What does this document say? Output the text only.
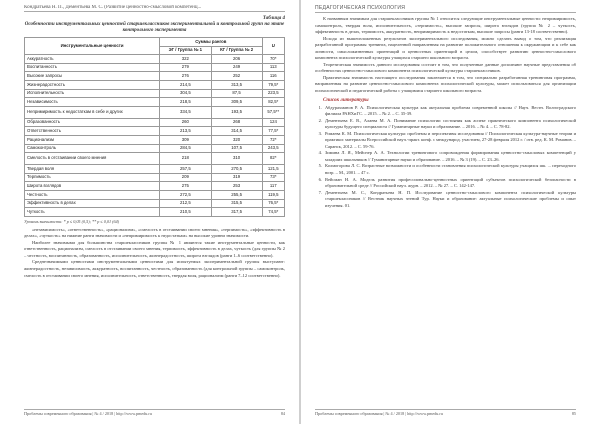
Кондратьева Н. П., Дементьева М. С. (Развитие ценностно-смысловой компетенц...
Таблица 4
Особенности инструментальных ценностей старшеклассников экспериментальной и контрольной групп на этапе контрольного эксперимента
Инструментальные ценности	Суммы рангов		U
	ЭГ / Группа № 1	КГ / Группа № 2	
Аккуратность	322	206	70*
Воспитанность	279	249	113
Высокие запросы	276	252	116
Жизнерадостность	214,5	313,5	79,5*
Исполнительность	304,5	87,5	223,5
Независимость	218,5	309,5	82,5*
Непримиримость к недостаткам в себе и других	334,5	193,5	57,5**
Образованность	260	268	124
Ответственность	213,5	314,5	77,5*
Рационализм	309	320	72*
Самоконтроль	284,5	107,5	243,5
Смелость в отстаивании своего мнения	218	310	82*
Твердая воля	257,5	270,5	121,5
Терпимость	209	319	73*
Широта взглядов	275	253	117
Честность	272,5	255,5	119,5
Эффективность в делах	212,5	315,5	76,5*
Чуткость	210,5	317,5	74,5*
Уровень значимости: * p ≤ 0,05 (0,5); ** p ≤ 0,01 (64)

«независимость», «ответственность», «рационализм», «смелость в отстаивании своего мнения», «терпимость», «эффективность в делах», «чуткость» на нижние ранги значимости и «непримиримость к недостаткам» на высокие уровни значимости.

Наиболее значимыми для большинства старшеклассников группы № 1 являются такие инструментальные ценности, как ответственность, рационализм, смелость в отстаивании своего мнения, терпимость, эффективность в делах, чуткость (для группы № 2 – честность, воспитанность, образованность, исполнительность, жизнерадостность, широта взглядов (ранги 1–6 соответственно).

Среднезначимыми ценностями инструментальными ценностями для испытуемых экспериментальной группы выступают: жизнерадостность, независимость, аккуратность, воспитанность, честность, образованность (для контрольной группы – самоконтроль, смелость в отстаивании своего мнения, исполнительность, ответственность, твердая воля, рационализм (ранги 7–12 соответственно).

Проблемы современного образования | № 4 / 2018 | http://www.pmedu.ru	84
ПЕДАГОГИЧЕСКАЯ ПСИХОЛОГИЯ

К названным значимым для старшеклассников группы № 1 относится следующие инструментальные ценности: непримиримость, самоконтроль, твердая воля, исполнительность, «терпимость», высокие запросы, широта взглядов (группа № 2 – чуткость, эффективность в делах, терпимость, аккуратность, непримиримость к недостаткам, высокие запросы (ранги 13-18 соответственно).

Исходя из вышеизложенных результатов экспериментального исследования, можно сделать вывод о том, что реализация разработанной программы тренинга, нацеленной направленная на развитие положительного отношения к окружающим и к себе как личности, смысложизненных ориентаций и ценностных ориентаций в целом, способствует развитию ценностно-смыслового компонента психологической культуры учащихся старшего школьного возраста.

Теоретическая значимость данного исследования состоит в том, что полученные данные дополняют научные представления об особенностях ценностно-смыслового компонента психологической культуры старшеклассников.

Практическая значимость настоящего исследования заключается в том, что специально разработанная тренинговая программа, направленная на развитие ценностно-смыслового компонента психологической культуры, может использоваться для организации психологической и педагогической работы с учащимися старшего школьного возраста.

Список литературы
1. Абдурахманов Р. А. Психологическая культура как актуальная проблема современной школы // Науч. Вестн. Волгоградского филиала РАНХиГС. – 2015. – № 2. – С. 35-39.
2. Дементьева Е. В., Алаева М. А. Понимание психологии состояния как аспект практического компонента психологической культуры будущего специалиста // Гуманитарные науки и образование. – 2016. – № 4. – С. 78-82.
3. Ромаева К. М. Психологическая культура: проблемы и перспективы исследования // Психологическая культура-научные теории и практики: материалы Всероссийской науч.-практ. конф. с международ. участием, 27-28 февраля 2012 г. / отв. ред. К. М. Романов. – Саранск, 2012. – С. 59-76.
4. Зимина Л. Я., Мейснер А. А. Технологии тренингового сопровождения формирования ценностно-смысловых компетенций у младших школьников // Гуманитарные науки и образование. – 2016. – № 3 (19). – С. 23–26.
5. Колмогорова Л. С. Возрастные возможности и особенности становления психологической культуры учащихся шк. ... переходного возр. – М., 2001. – 47 с.
6. Вейсман Н. А. Модель развития профессионально-ценностных ориентаций субъектов психологической безопасности в образовательной среде // Российский науч. журн. – 2012. – № 27. – С. 142-147.
7. Дементьева М. С., Кондратьева Н. П. Исследование ценностно-смыслового компонента психологической культуры старшеклассников // Вестник научных чтений Тур. Науки и образование: актуальные психологические проблемы и опыт изучения. 01.
Проблемы современного образования | № 4 / 2018 | http://www.pmedu.ru	85
